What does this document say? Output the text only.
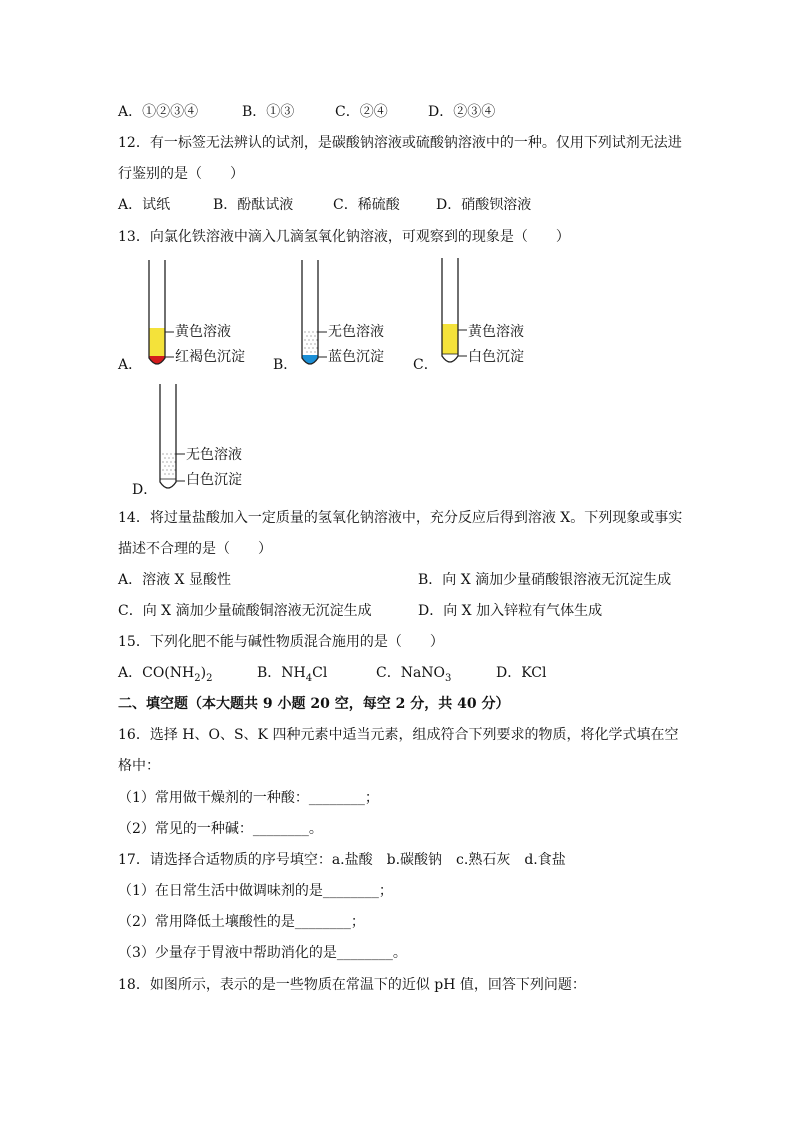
A．①②③④	B．①③	C．②④	D．②③④
12．有一标签无法辨认的试剂，是碳酸钠溶液或硫酸钠溶液中的一种。仅用下列试剂无法进
行鉴别的是（　　）
A．试纸	B．酚酞试液	C．稀硫酸	D．硝酸钡溶液
13．向氯化铁溶液中滴入几滴氢氧化钠溶液，可观察到的现象是（　　）
A．
黄色溶液
红褐色沉淀 B．
无色溶液
蓝色沉淀 C．
黄色溶液
白色沉淀
D．
无色溶液
白色沉淀
14．将过量盐酸加入一定质量的氢氧化钠溶液中，充分反应后得到溶液 X。下列现象或事实
描述不合理的是（　　）
A．溶液 X 显酸性	B．向 X 滴加少量硝酸银溶液无沉淀生成
C．向 X 滴加少量硫酸铜溶液无沉淀生成	D．向 X 加入锌粒有气体生成
15．下列化肥不能与碱性物质混合施用的是（　　）
A．$CO(NH_2)_2$	B．$NH_4Cl$	C．NaNO$_3$	D．KCl
二、填空题（本大题共 9 小题 20 空，每空 2 分，共 40 分）
16．选择 H、O、S、K 四种元素中适当元素，组成符合下列要求的物质，将化学式填在空
格中：
（1）常用做干燥剂的一种酸：________；
（2）常见的一种碱：________。
17．请选择合适物质的序号填空：a.盐酸　b.碳酸钠　c.熟石灰　d.食盐
（1）在日常生活中做调味剂的是________；
（2）常用降低土壤酸性的是________；
（3）少量存于胃液中帮助消化的是________。
18．如图所示，表示的是一些物质在常温下的近似 pH 值，回答下列问题：
